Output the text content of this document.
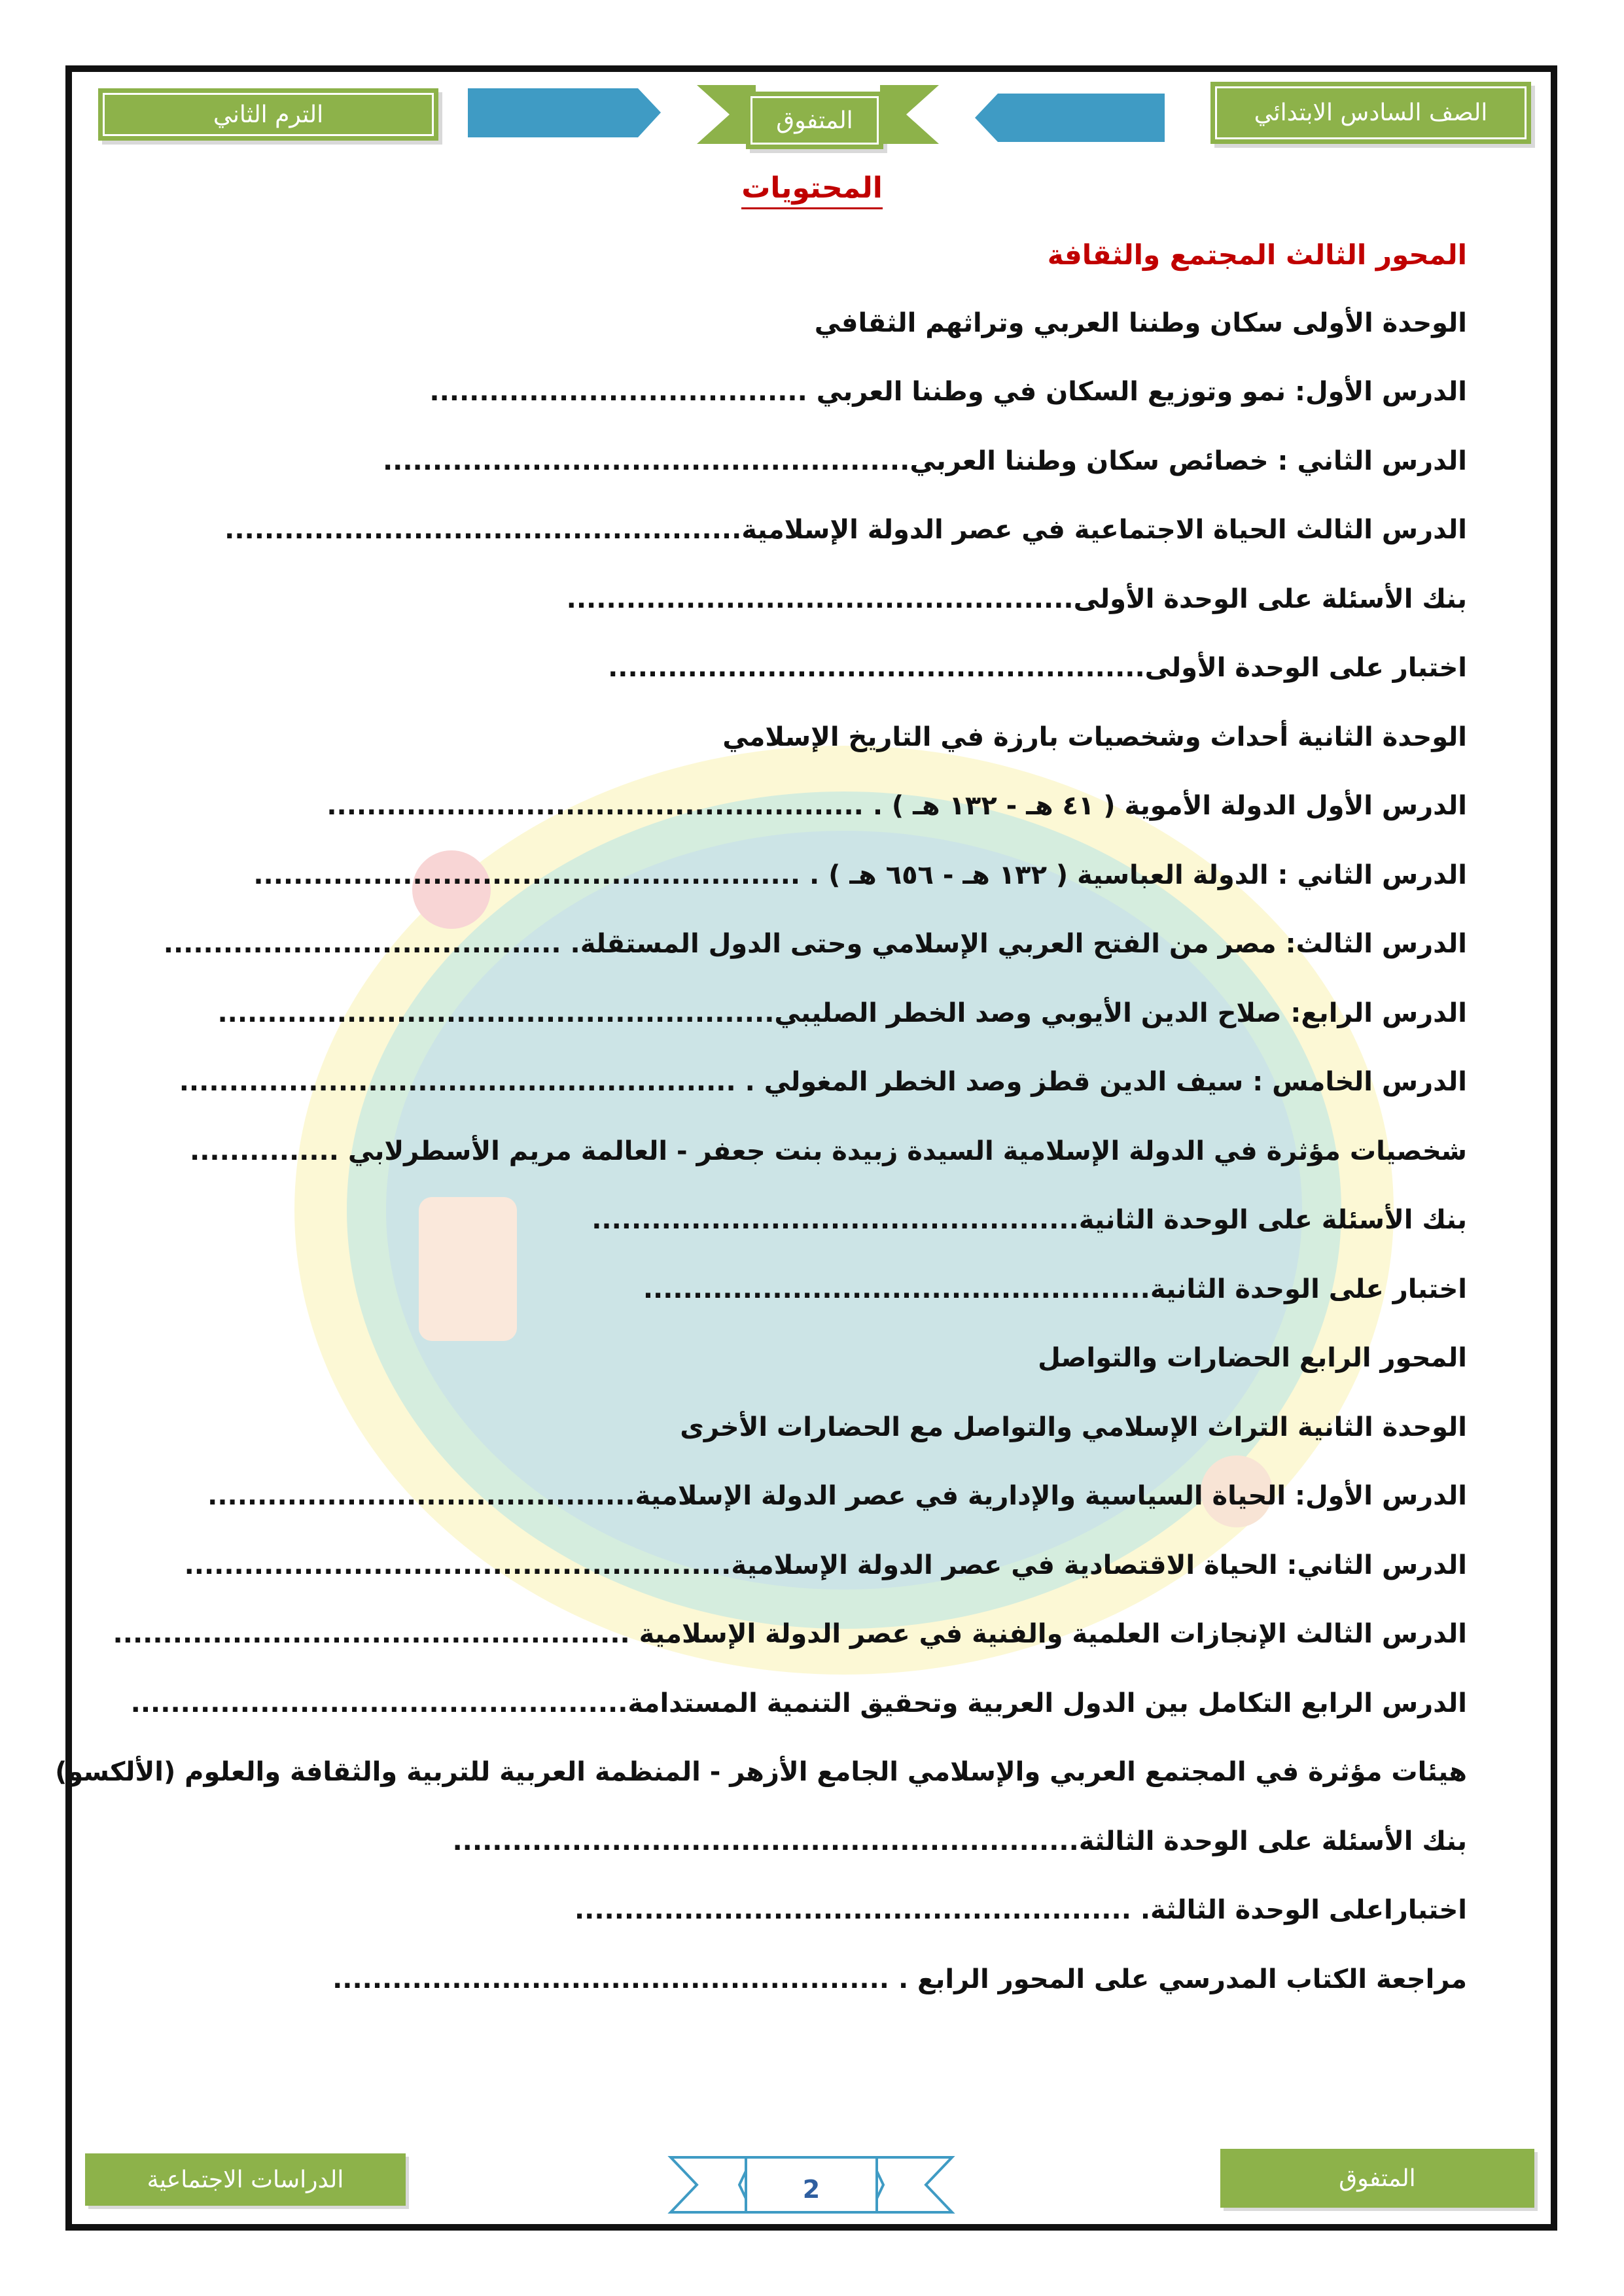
الترم الثاني	المتفوق	الصف السادس الابتدائي
المحتويات
المحور الثالث المجتمع والثقافة
الوحدة الأولى سكان وطننا العربي وتراثهم الثقافي
الدرس الأول: نمو وتوزيع السكان في وطننا العربي ......................................
الدرس الثاني : خصائص سكان وطننا العربي.....................................................
الدرس الثالث الحياة الاجتماعية في عصر الدولة الإسلامية....................................................
بنك الأسئلة على الوحدة الأولى...................................................
اختبار على الوحدة الأولى......................................................
الوحدة الثانية أحداث وشخصيات بارزة في التاريخ الإسلامي
الدرس الأول الدولة الأموية ( ٤١ هـ - ١٣٢ هـ ) . ......................................................
الدرس الثاني : الدولة العباسية ( ١٣٢ هـ - ٦٥٦ هـ ) . .......................................................
الدرس الثالث: مصر من الفتح العربي الإسلامي وحتى الدول المستقلة. ........................................
الدرس الرابع: صلاح الدين الأيوبي وصد الخطر الصليبي........................................................
الدرس الخامس : سيف الدين قطز وصد الخطر المغولي . ........................................................
شخصيات مؤثرة في الدولة الإسلامية السيدة زبيدة بنت جعفر - العالمة مريم الأسطرلابي ...............
بنك الأسئلة على الوحدة الثانية.................................................
اختبار على الوحدة الثانية...................................................
المحور الرابع الحضارات والتواصل
الوحدة الثانية التراث الإسلامي والتواصل مع الحضارات الأخرى
الدرس الأول: الحياة السياسية والإدارية في عصر الدولة الإسلامية...........................................
الدرس الثاني: الحياة الاقتصادية في عصر الدولة الإسلامية.......................................................
الدرس الثالث الإنجازات العلمية والفنية في عصر الدولة الإسلامية ....................................................
الدرس الرابع التكامل بين الدول العربية وتحقيق التنمية المستدامة..................................................
هيئات مؤثرة في المجتمع العربي والإسلامي الجامع الأزهر - المنظمة العربية للتربية والثقافة والعلوم (الألكسو)
بنك الأسئلة على الوحدة الثالثة...............................................................
اختباراعلى الوحدة الثالثة. ........................................................
مراجعة الكتاب المدرسي على المحور الرابع . ........................................................
الدراسات الاجتماعية	2	المتفوق
